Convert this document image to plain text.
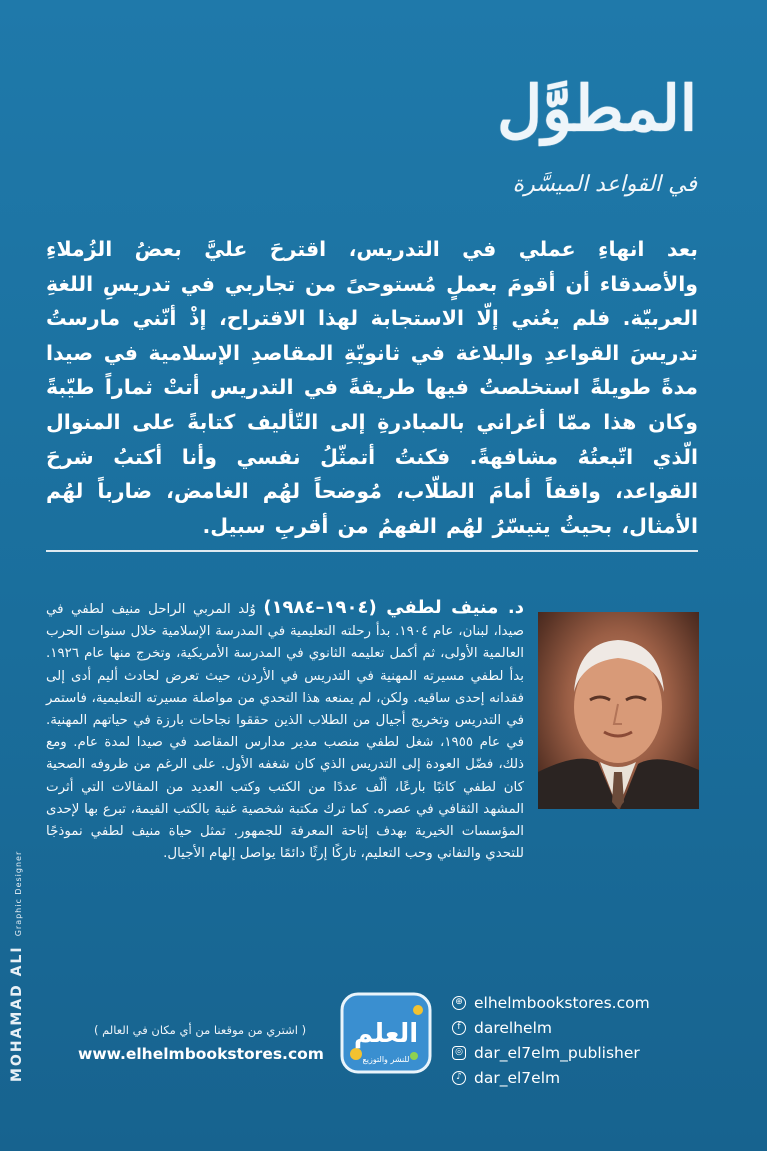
المطوَّل
في القواعد الميسَّرة
بعد انهاءِ عملي في التدريس، اقترحَ عليَّ بعضُ الزُملاءِ والأصدقاء أن أقومَ بعملٍ مُستوحىً من تجاربي في تدريسِ اللغةِ العربيّة. فلم يعُني إلّا الاستجابة لهذا الاقتراح، إذْ أنّني مارستُ تدريسَ القواعدِ والبلاغة في ثانويّةِ المقاصدِ الإسلامية في صيدا مدةً طويلةً استخلصتُ فيها طريقةً في التدريس أتتْ ثماراً طيّبةً وكان هذا ممّا أغراني بالمبادرةِ إلى التّأليف كتابةً على المنوال الّذي اتّبعتُهُ مشافهةً. فكنتُ أتمثّلُ نفسي وأنا أكتبُ شرحَ القواعد، واقفاً أمامَ الطلّاب، مُوضحاً لهُم الغامض، ضارباً لهُم الأمثال، بحيثُ يتيسّرُ لهُم الفهمُ من أقربِ سبيل.
د. منيف لطفي (١٩٠٤–١٩٨٤) وُلد المربي الراحل منيف لطفي في صيدا، لبنان، عام ١٩٠٤. بدأ رحلته التعليمية في المدرسة الإسلامية خلال سنوات الحرب العالمية الأولى، ثم أكمل تعليمه الثانوي في المدرسة الأمريكية، وتخرج منها عام ١٩٢٦. بدأ لطفي مسيرته المهنية في التدريس في الأردن، حيث تعرض لحادث أليم أدى إلى فقدانه إحدى ساقيه. ولكن، لم يمنعه هذا التحدي من مواصلة مسيرته التعليمية، فاستمر في التدريس وتخريج أجيال من الطلاب الذين حققوا نجاحات بارزة في حياتهم المهنية. في عام ١٩٥٥، شغل لطفي منصب مدير مدارس المقاصد في صيدا لمدة عام. ومع ذلك، فضّل العودة إلى التدريس الذي كان شغفه الأول. على الرغم من ظروفه الصحية كان لطفي كاتبًا بارعًا، ألّف عددًا من الكتب وكتب العديد من المقالات التي أثرت المشهد الثقافي في عصره. كما ترك مكتبة شخصية غنية بالكتب القيمة، تبرع بها لإحدى المؤسسات الخيرية بهدف إتاحة المعرفة للجمهور. تمثل حياة منيف لطفي نموذجًا للتحدي والتفاني وحب التعليم، تاركًا إرثًا دائمًا يواصل إلهام الأجيال.
MOHAMAD ALI Graphic Designer
( اشتري من موقعنا من أي مكان في العالم )
www.elhelmbookstores.com
العلم
للنشر والتوزيع
⊕ elhelmbookstores.com
f darelhelm
◎ dar_el7elm_publisher
♪ dar_el7elm
